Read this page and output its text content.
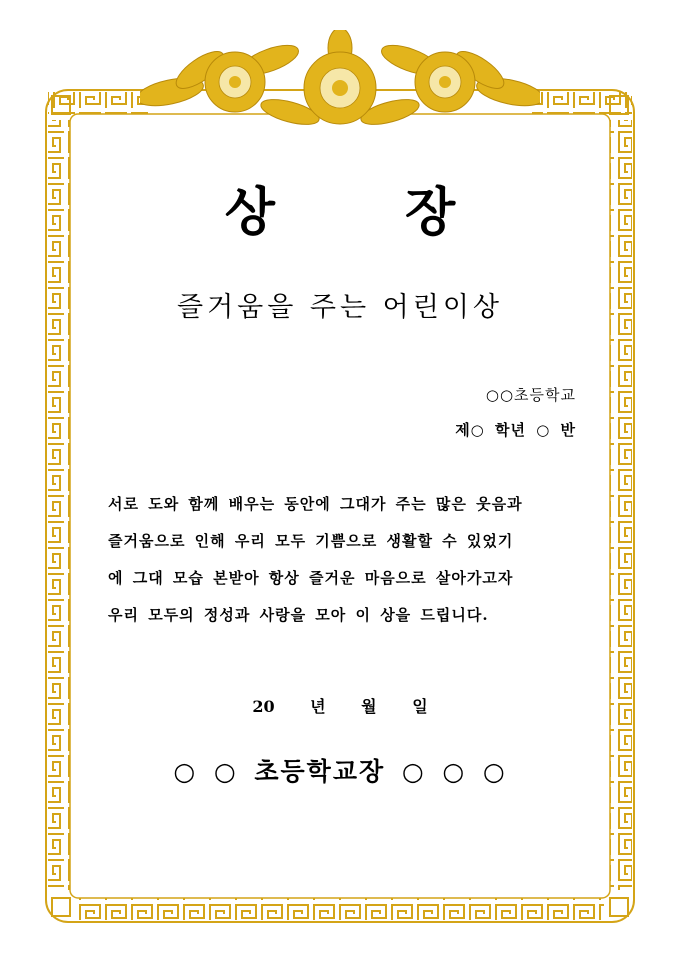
상 장
즐거움을 주는 어린이상
○○초등학교
제○ 학년 ○ 반
서로 도와 함께 배우는 동안에 그대가 주는 많은 웃음과
즐거움으로 인해 우리 모두 기쁨으로 생활할 수 있었기
에 그대 모습 본받아 항상 즐거운 마음으로 살아가고자
우리 모두의 정성과 사랑을 모아 이 상을 드립니다.
20 년 월 일
○ ○ 초등학교장 ○ ○ ○
